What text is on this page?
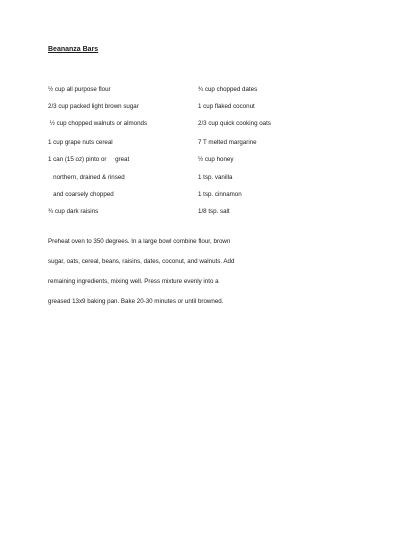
Beananza Bars
½ cup all purpose flour
2/3 cup packed light brown sugar
½ cup chopped walnuts or almonds
1 cup grape nuts cereal
1 can (15 oz) pinto or     great
northern, drained & rinsed
and coarsely chopped
¾ cup dark raisins
¾ cup chopped dates
1 cup flaked coconut
2/3 cup quick cooking oats
7 T melted margarine
½ cup honey
1 tsp. vanilla
1 tsp. cinnamon
1/8 tsp. salt
Preheat oven to 350 degrees. In a large bowl combine flour, brown
sugar, oats, cereal, beans, raisins, dates, coconut, and walnuts. Add
remaining ingredients, mixing well. Press mixture evenly into a
greased 13x9 baking pan. Bake 20-30 minutes or until browned.
